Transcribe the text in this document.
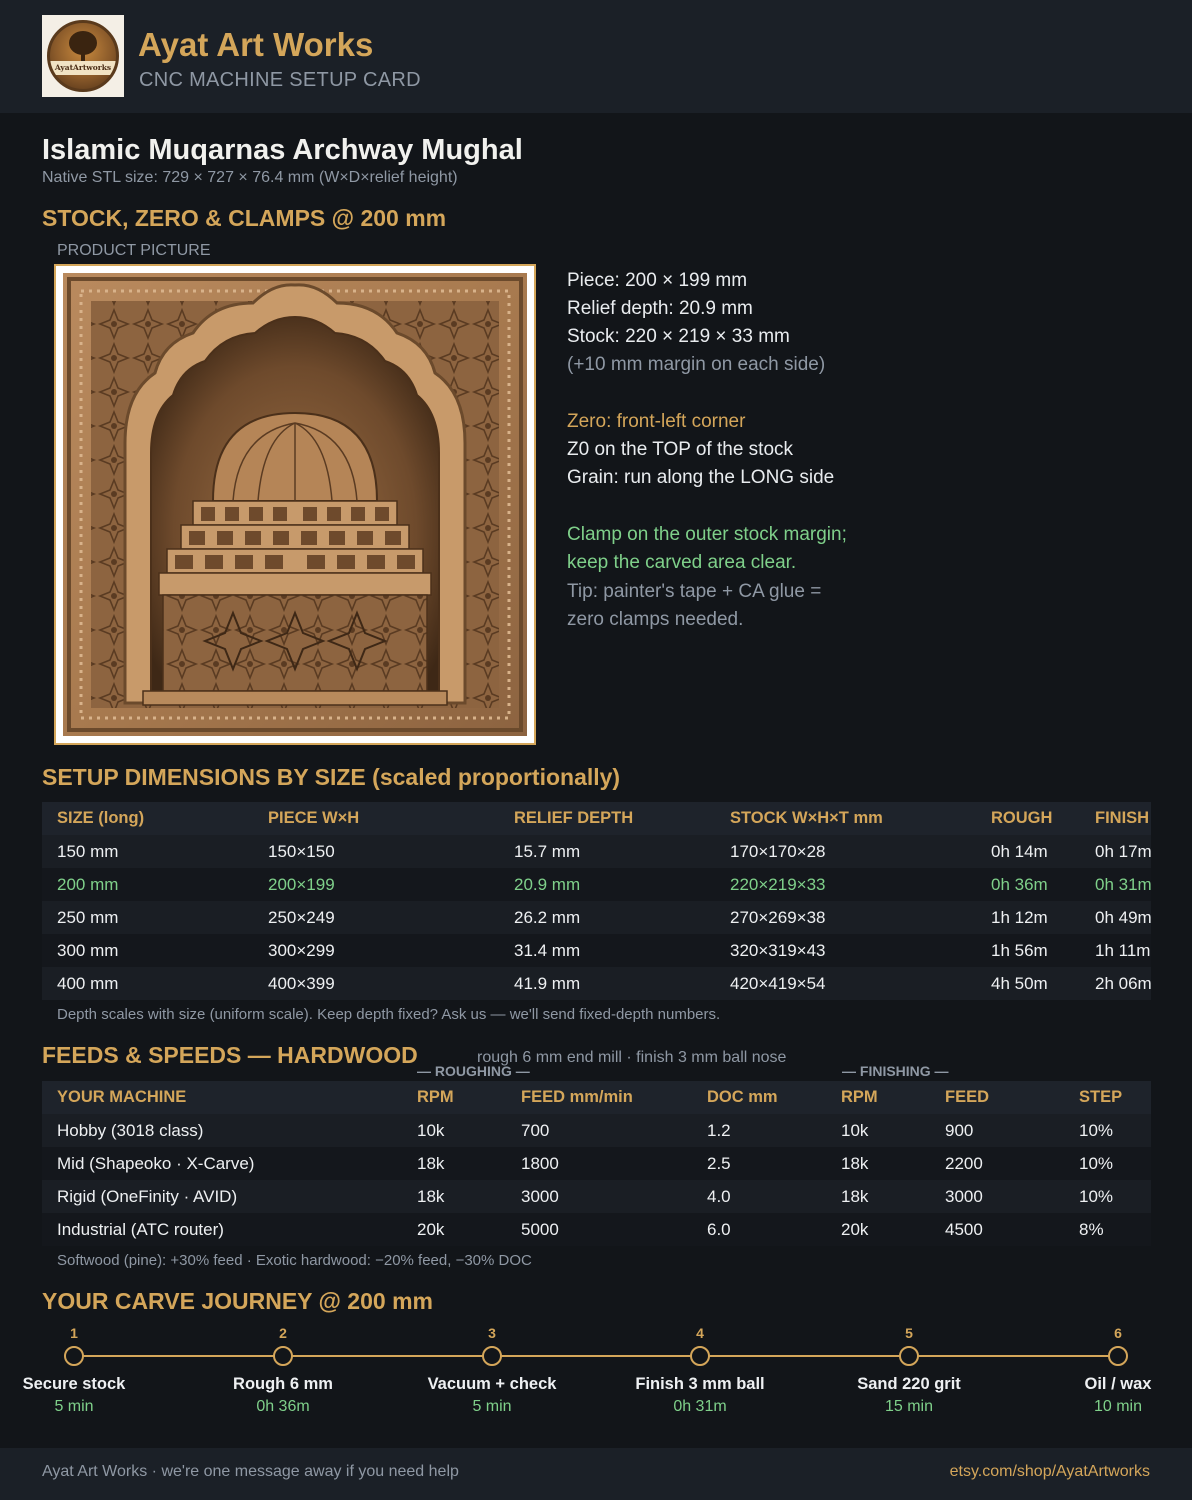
AyatArtworks
Ayat Art Works
CNC MACHINE SETUP CARD
Islamic Muqarnas Archway Mughal
Native STL size: 729 × 727 × 76.4 mm (W×D×relief height)
STOCK, ZERO & CLAMPS @ 200 mm
PRODUCT PICTURE
Piece: 200 × 199 mm
Relief depth: 20.9 mm
Stock: 220 × 219 × 33 mm
(+10 mm margin on each side)
Zero: front-left corner
Z0 on the TOP of the stock
Grain: run along the LONG side
Clamp on the outer stock margin;
keep the carved area clear.
Tip: painter's tape + CA glue =
zero clamps needed.
SETUP DIMENSIONS BY SIZE (scaled proportionally)
SIZE (long)	PIECE W×H	RELIEF DEPTH	STOCK W×H×T mm	ROUGH	FINISH
150 mm	150×150	15.7 mm	170×170×28	0h 14m	0h 17m
200 mm	200×199	20.9 mm	220×219×33	0h 36m	0h 31m
250 mm	250×249	26.2 mm	270×269×38	1h 12m	0h 49m
300 mm	300×299	31.4 mm	320×319×43	1h 56m	1h 11m
400 mm	400×399	41.9 mm	420×419×54	4h 50m	2h 06m
Depth scales with size (uniform scale). Keep depth fixed? Ask us — we'll send fixed-depth numbers.
FEEDS & SPEEDS — HARDWOOD	rough 6 mm end mill · finish 3 mm ball nose
— ROUGHING —	— FINISHING —
YOUR MACHINE	RPM	FEED mm/min	DOC mm	RPM	FEED	STEP
Hobby (3018 class)	10k	700	1.2	10k	900	10%
Mid (Shapeoko · X-Carve)	18k	1800	2.5	18k	2200	10%
Rigid (OneFinity · AVID)	18k	3000	4.0	18k	3000	10%
Industrial (ATC router)	20k	5000	6.0	20k	4500	8%
Softwood (pine): +30% feed · Exotic hardwood: −20% feed, −30% DOC
YOUR CARVE JOURNEY @ 200 mm
1
Secure stock
5 min
2
Rough 6 mm
0h 36m
3
Vacuum + check
5 min
4
Finish 3 mm ball
0h 31m
5
Sand 220 grit
15 min
6
Oil / wax
10 min
Ayat Art Works · we're one message away if you need help	etsy.com/shop/AyatArtworks
